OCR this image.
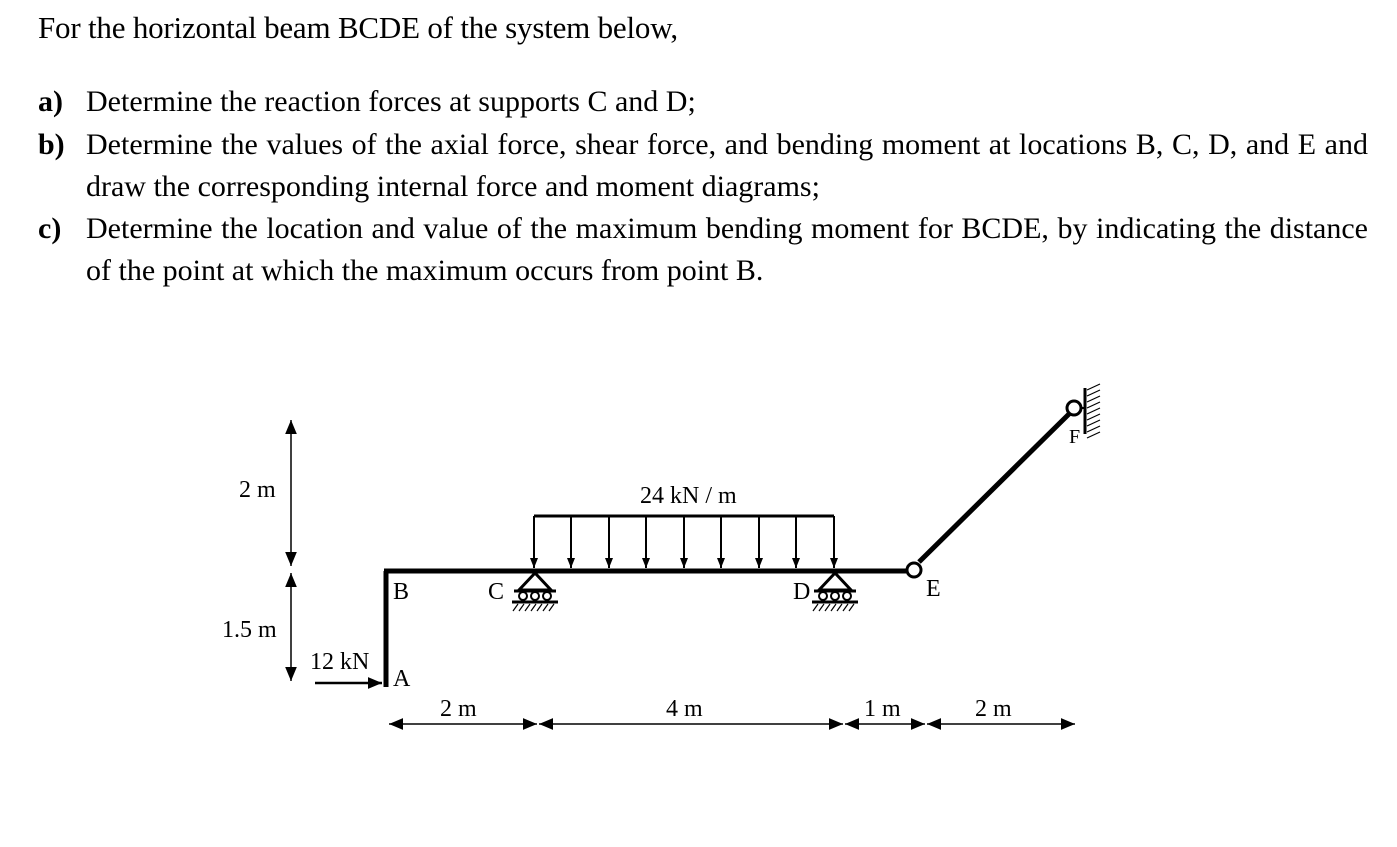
For the horizontal beam BCDE of the system below,

a) Determine the reaction forces at supports C and D;
b) Determine the values of the axial force, shear force, and bending moment at locations B, C, D, and E and draw the corresponding internal force and moment diagrams;
c) Determine the location and value of the maximum bending moment for BCDE, by indicating the distance of the point at which the maximum occurs from point B.
A
B	C	D	E
F
24 kN / m
12 kN
2 m
1.5 m
2 m	4 m	1 m	2 m
